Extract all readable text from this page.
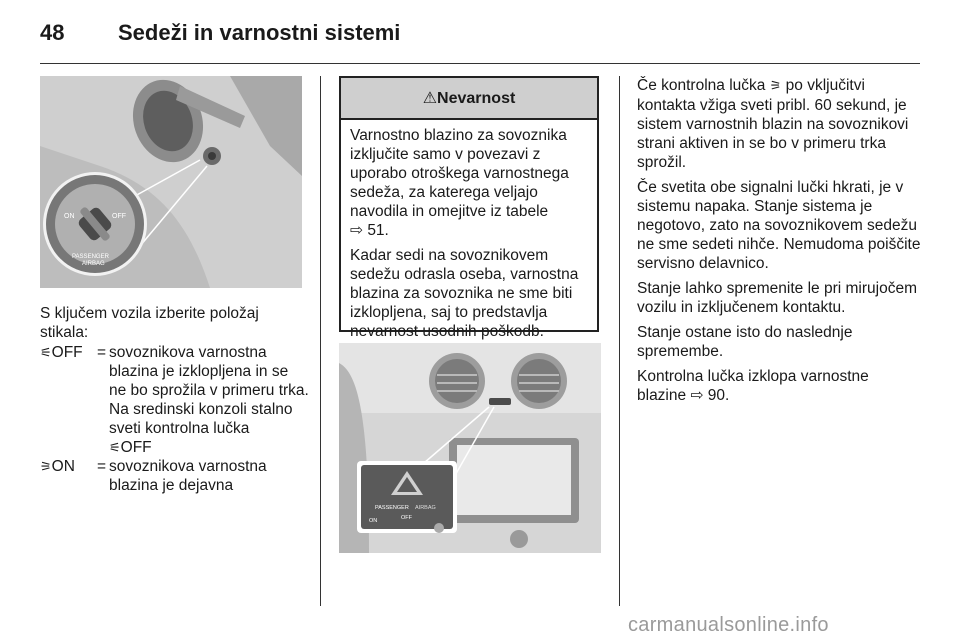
48 Sedeži in varnostni sistemi
ON	OFF
PASSENGER
AIRBAG

S ključem vozila izberite položaj stikala:

⚟OFF = sovoznikova varnostna blazina je izklopljena in se ne bo sprožila v primeru trka. Na sredinski konzoli stalno sveti kontrolna lučka
⚟OFF
⚞ON = sovoznikova varnostna blazina je dejavna
⚠Nevarnost

Varnostno blazino za sovoznika izključite samo v povezavi z uporabo otroškega varnostnega sedeža, za katerega veljajo navodila in omejitve iz tabele
⇨ 51.

Kadar sedi na sovoznikovem sedežu odrasla oseba, varnostna blazina za sovoznika ne sme biti izklopljena, saj to predstavlja nevarnost usodnih poškodb.

PASSENGER AIRBAG
ON	OFF

Če kontrolna lučka ⚞ po vključitvi kontakta vžiga sveti pribl. 60 sekund, je sistem varnostnih blazin na sovoznikovi strani aktiven in se bo v primeru trka sprožil.

Če svetita obe signalni lučki hkrati, je v sistemu napaka. Stanje sistema je negotovo, zato na sovoznikovem sedežu ne sme sedeti nihče. Nemudoma poiščite servisno delavnico.

Stanje lahko spremenite le pri mirujočem vozilu in izključenem kontaktu.

Stanje ostane isto do naslednje spremembe.

Kontrolna lučka izklopa varnostne blazine ⇨ 90.

carmanualsonline.info
